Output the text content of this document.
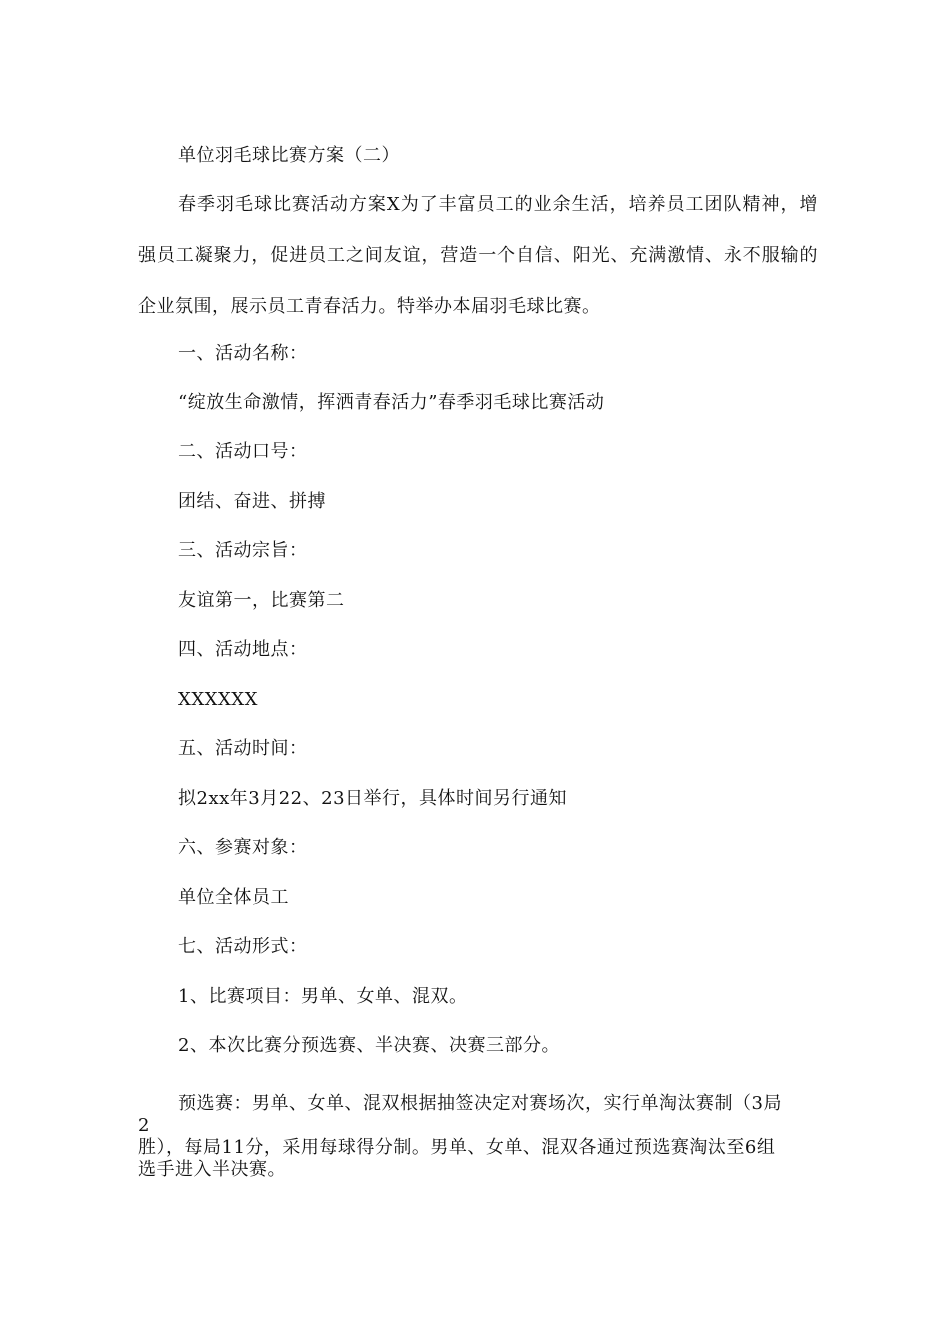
单位羽毛球比赛方案（二）
春季羽毛球比赛活动方案X为了丰富员工的业余生活，培养员工团队精神，增强员工凝聚力，促进员工之间友谊，营造一个自信、阳光、充满激情、永不服输的企业氛围，展示员工青春活力。特举办本届羽毛球比赛。
一、活动名称：
“绽放生命激情，挥洒青春活力”春季羽毛球比赛活动
二、活动口号：
团结、奋进、拼搏
三、活动宗旨：
友谊第一，比赛第二
四、活动地点：
XXXXXX
五、活动时间：
拟2xx年3月22、23日举行，具体时间另行通知
六、参赛对象：
单位全体员工
七、活动形式：
1、比赛项目：男单、女单、混双。
2、本次比赛分预选赛、半决赛、决赛三部分。
预选赛：男单、女单、混双根据抽签决定对赛场次，实行单淘汰赛制（3局
2
胜），每局11分，采用每球得分制。男单、女单、混双各通过预选赛淘汰至6组
选手进入半决赛。
